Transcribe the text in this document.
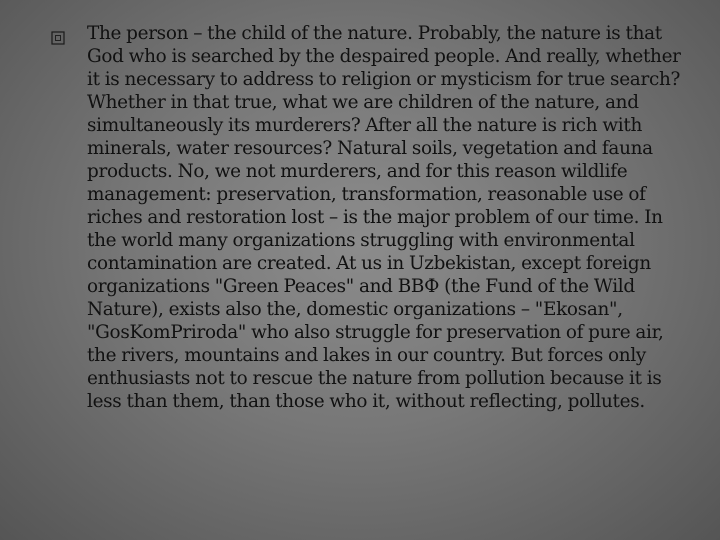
The person – the child of the nature. Probably, the nature is that God who is searched by the despaired people. And really, whether it is necessary to address to religion or mysticism for true search? Whether in that true, what we are children of the nature, and simultaneously its murderers? After all the nature is rich with minerals, water resources? Natural soils, vegetation and fauna products. No, we not murderers, and for this reason wildlife management: preservation, transformation, reasonable use of riches and restoration lost – is the major problem of our time. In the world many organizations struggling with environmental contamination are created. At us in Uzbekistan, except foreign organizations "Green Peaces" and ВВФ (the Fund of the Wild Nature), exists also the, domestic organizations – "Ekosan", "GosKomPriroda" who also struggle for preservation of pure air, the rivers, mountains and lakes in our country. But forces only enthusiasts not to rescue the nature from pollution because it is less than them, than those who it, without reflecting, pollutes.
